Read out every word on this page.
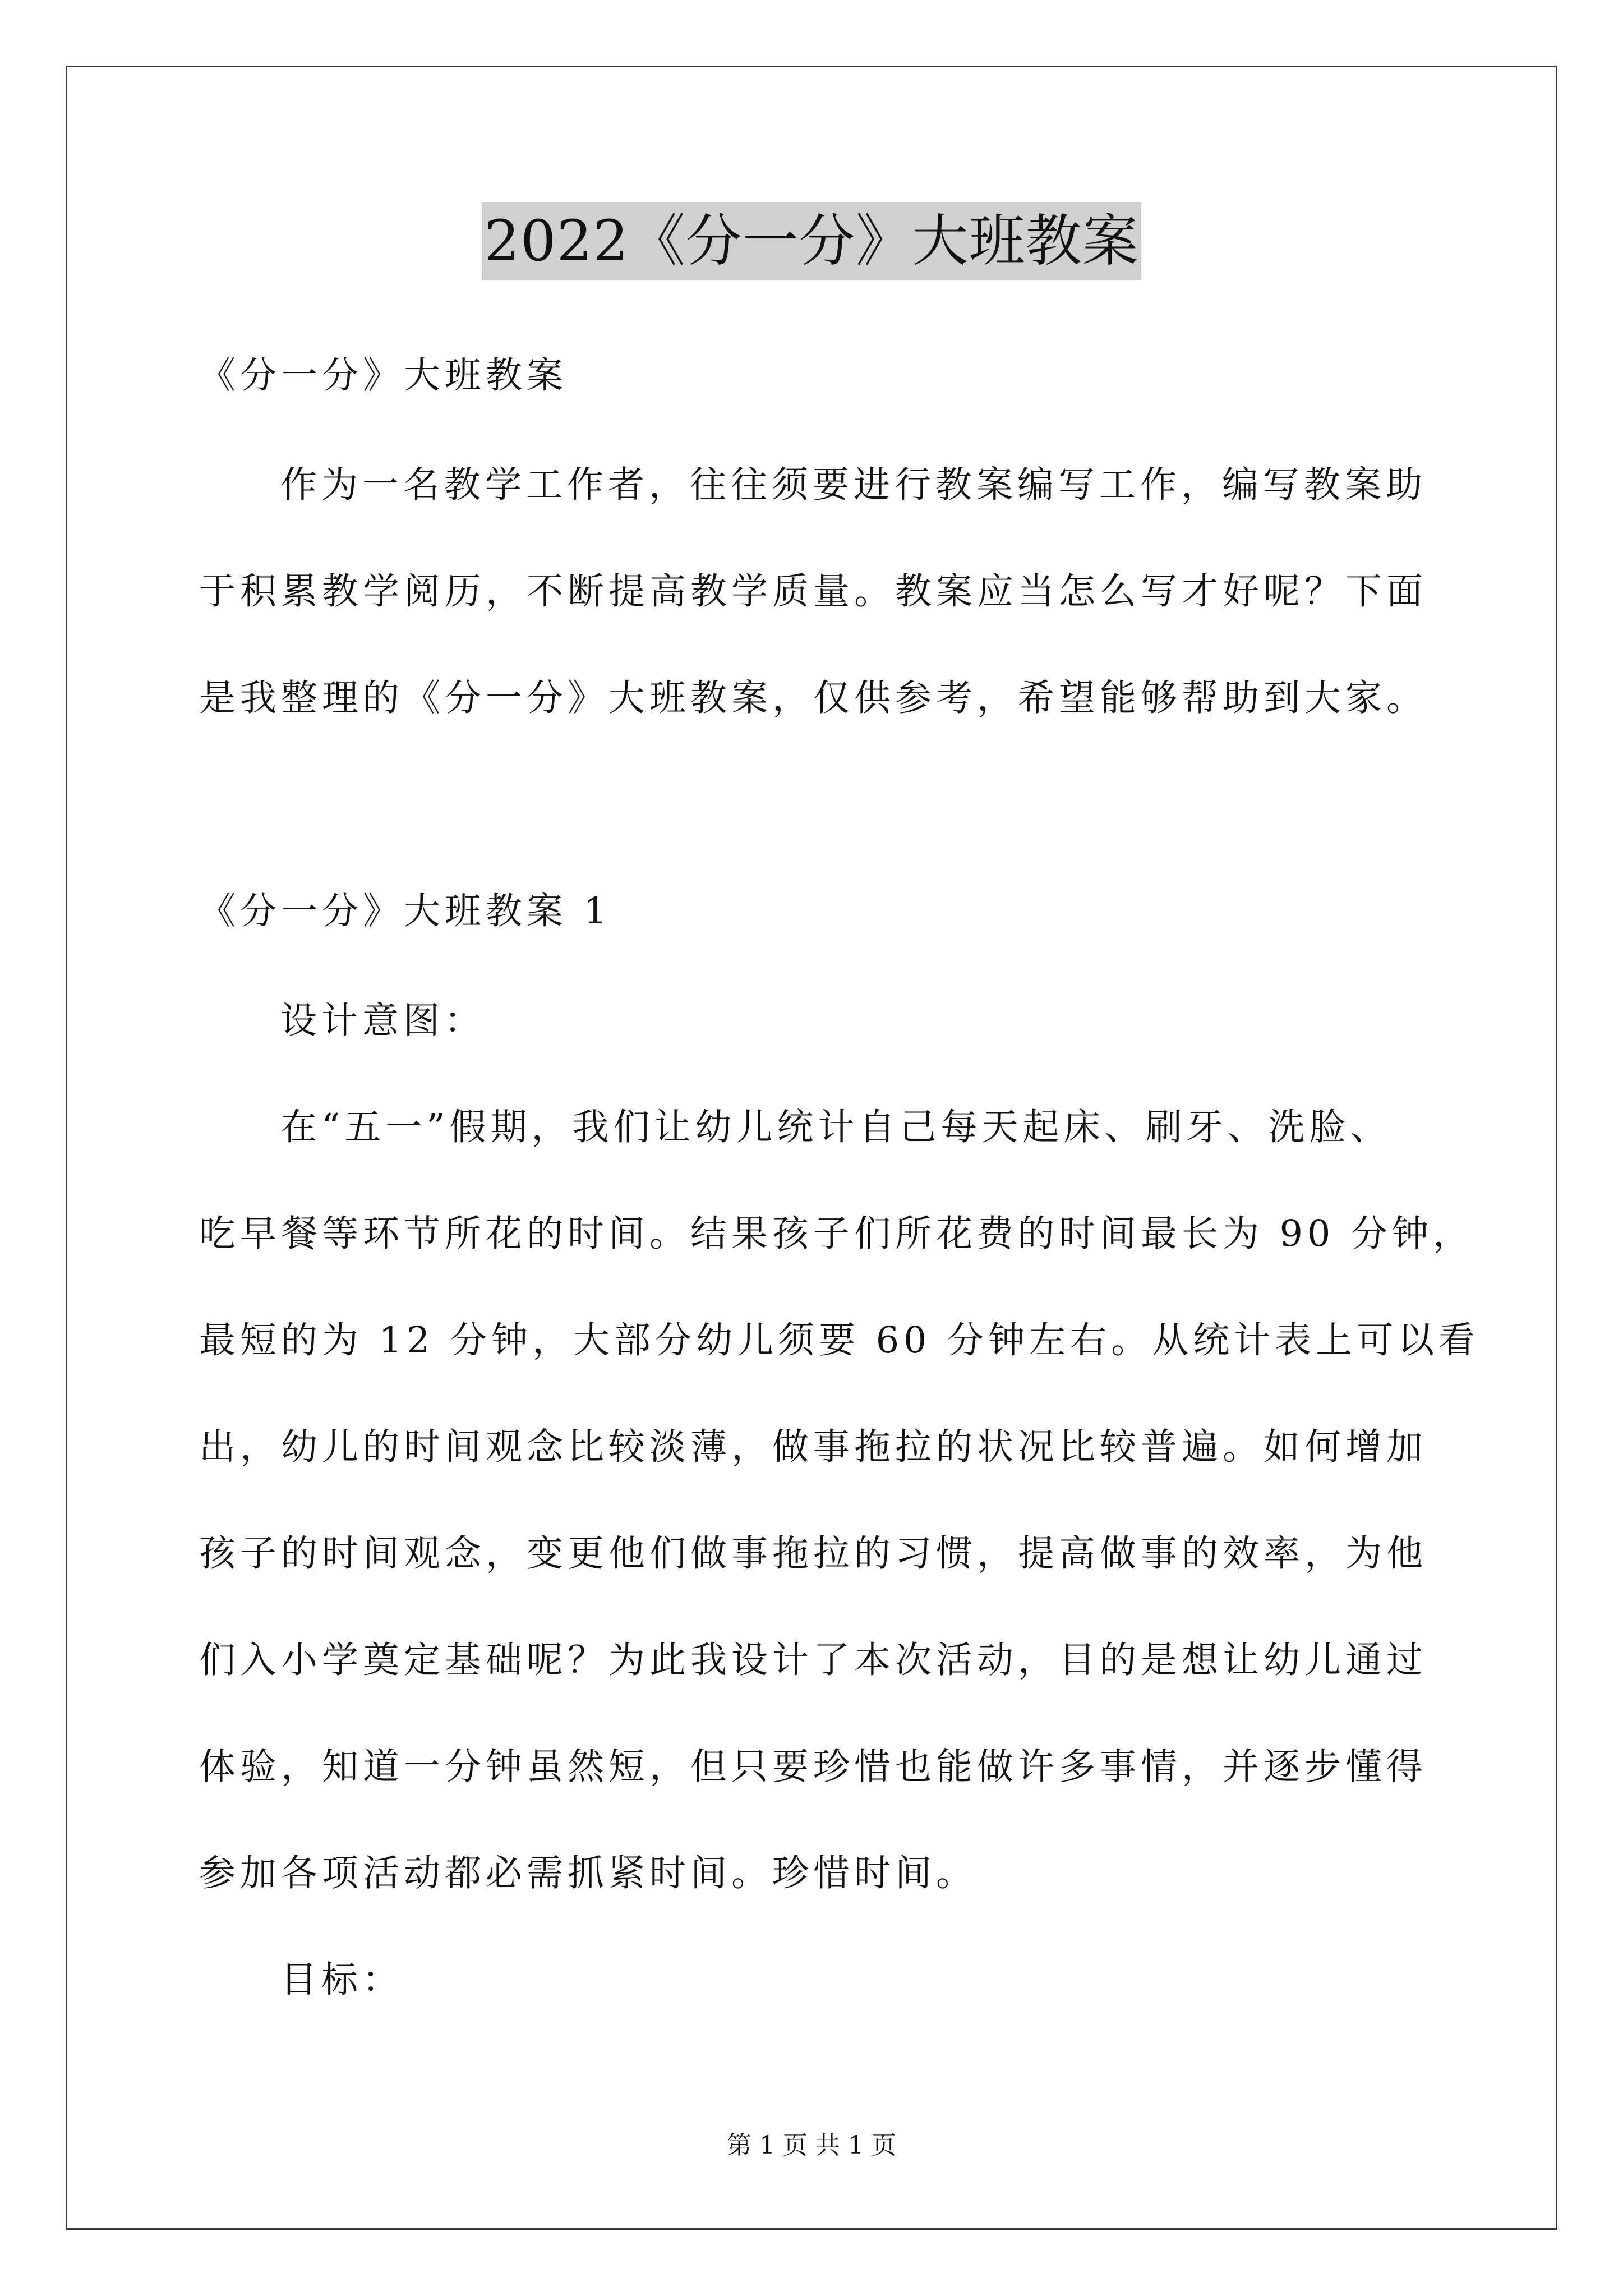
2022《分一分》大班教案
《分一分》大班教案
作为一名教学工作者，往往须要进行教案编写工作，编写教案助
于积累教学阅历，不断提高教学质量。教案应当怎么写才好呢？下面
是我整理的《分一分》大班教案，仅供参考，希望能够帮助到大家。
《分一分》大班教案 1
设计意图：
在“五一”假期，我们让幼儿统计自己每天起床、刷牙、洗脸、
吃早餐等环节所花的时间。结果孩子们所花费的时间最长为 90 分钟，
最短的为 12 分钟，大部分幼儿须要 60 分钟左右。从统计表上可以看
出，幼儿的时间观念比较淡薄，做事拖拉的状况比较普遍。如何增加
孩子的时间观念，变更他们做事拖拉的习惯，提高做事的效率，为他
们入小学奠定基础呢？为此我设计了本次活动，目的是想让幼儿通过
体验，知道一分钟虽然短，但只要珍惜也能做许多事情，并逐步懂得
参加各项活动都必需抓紧时间。珍惜时间。
目标：
第 1 页 共 1 页
